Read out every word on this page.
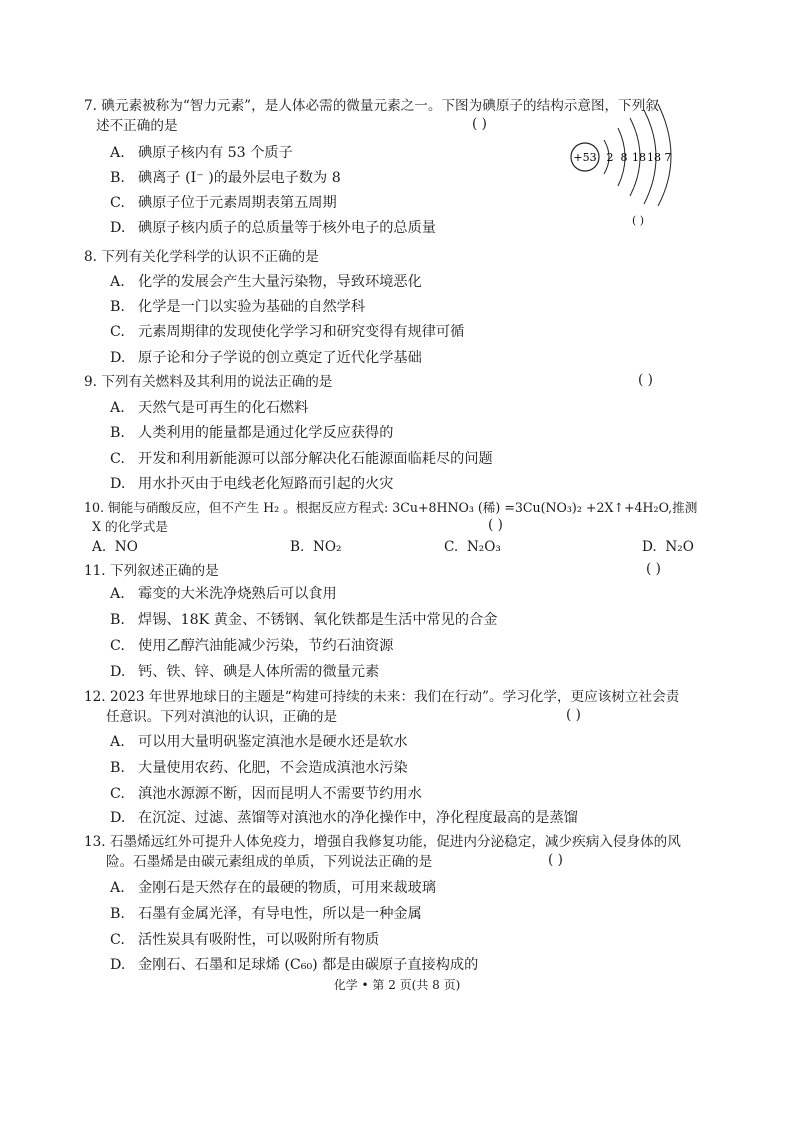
7. 碘元素被称为“智力元素”，是人体必需的微量元素之一。下图为碘原子的结构示意图，下列叙
述不正确的是	( )
A. 碘原子核内有 53 个质子
B. 碘离子 (I⁻ )的最外层电子数为 8
C. 碘原子位于元素周期表第五周期
D. 碘原子核内质子的总质量等于核外电子的总质量
+53 2 8 18 18 7
( )
8. 下列有关化学科学的认识不正确的是
A. 化学的发展会产生大量污染物，导致环境恶化
B. 化学是一门以实验为基础的自然学科
C. 元素周期律的发现使化学学习和研究变得有规律可循
D. 原子论和分子学说的创立奠定了近代化学基础
9. 下列有关燃料及其利用的说法正确的是	( )
A. 天然气是可再生的化石燃料
B. 人类利用的能量都是通过化学反应获得的
C. 开发和利用新能源可以部分解决化石能源面临耗尽的问题
D. 用水扑灭由于电线老化短路而引起的火灾
10. 铜能与硝酸反应，但不产生 H₂ 。根据反应方程式: 3Cu+8HNO₃ (稀) =3Cu(NO₃)₂ +2X↑+4H₂O,推测
X 的化学式是	( )
A. NO	B. NO₂	C. N₂O₃	D. N₂O
11. 下列叙述正确的是	( )
A. 霉变的大米洗净烧熟后可以食用
B. 焊锡、18K 黄金、不锈钢、氧化铁都是生活中常见的合金
C. 使用乙醇汽油能减少污染，节约石油资源
D. 钙、铁、锌、碘是人体所需的微量元素
12. 2023 年世界地球日的主题是“构建可持续的未来：我们在行动”。学习化学，更应该树立社会责
任意识。下列对滇池的认识，正确的是	( )
A. 可以用大量明矾鉴定滇池水是硬水还是软水
B. 大量使用农药、化肥，不会造成滇池水污染
C. 滇池水源源不断，因而昆明人不需要节约用水
D. 在沉淀、过滤、蒸馏等对滇池水的净化操作中，净化程度最高的是蒸馏
13. 石墨烯远红外可提升人体免疫力，增强自我修复功能，促进内分泌稳定，减少疾病入侵身体的风
险。石墨烯是由碳元素组成的单质，下列说法正确的是	( )
A. 金刚石是天然存在的最硬的物质，可用来裁玻璃
B. 石墨有金属光泽，有导电性，所以是一种金属
C. 活性炭具有吸附性，可以吸附所有物质
D. 金刚石、石墨和足球烯 (C₆₀) 都是由碳原子直接构成的
化学 • 第 2 页(共 8 页)
